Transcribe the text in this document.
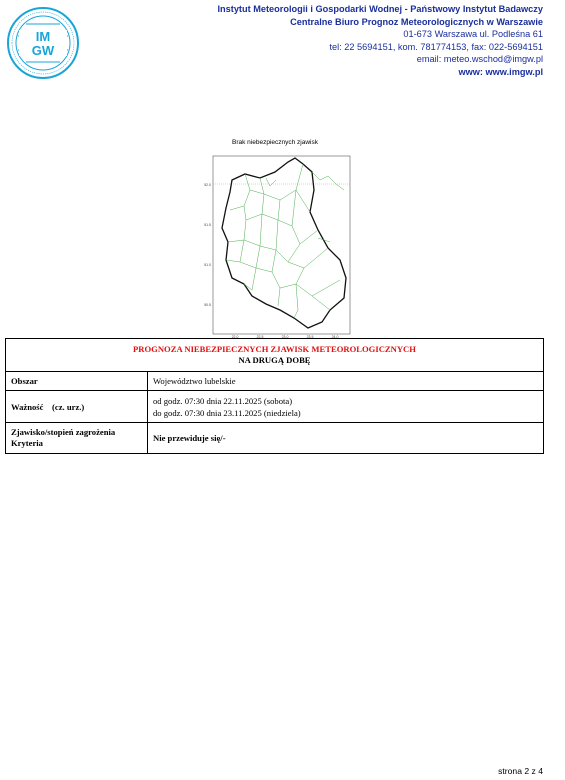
IM
GW
Instytut Meteorologii i Gospodarki Wodnej - Państwowy Instytut Badawczy
Centralne Biuro Prognoz Meteorologicznych w Warszawie
01-673 Warszawa ul. Podleśna 61
tel: 22 5694151, kom. 781774153, fax: 022-5694151
email: meteo.wschod@imgw.pl
www: www.imgw.pl
Brak niebezpiecznych zjawisk
52.0
51.5
51.0
50.5
22.0	22.5	23.0	23.5	24.0
PROGNOZA NIEBEZPIECZNYCH ZJAWISK METEOROLOGICZNYCH
NA DRUGĄ DOBĘ	

Obszar	Województwo lubelskie
Ważność    (cz. urz.)	od godz. 07:30 dnia 22.11.2025 (sobota)
do godz. 07:30 dnia 23.11.2025 (niedziela)

Zjawisko/stopień zagrożenia
Kryteria	Nie przewiduje się/-
strona 2 z 4
